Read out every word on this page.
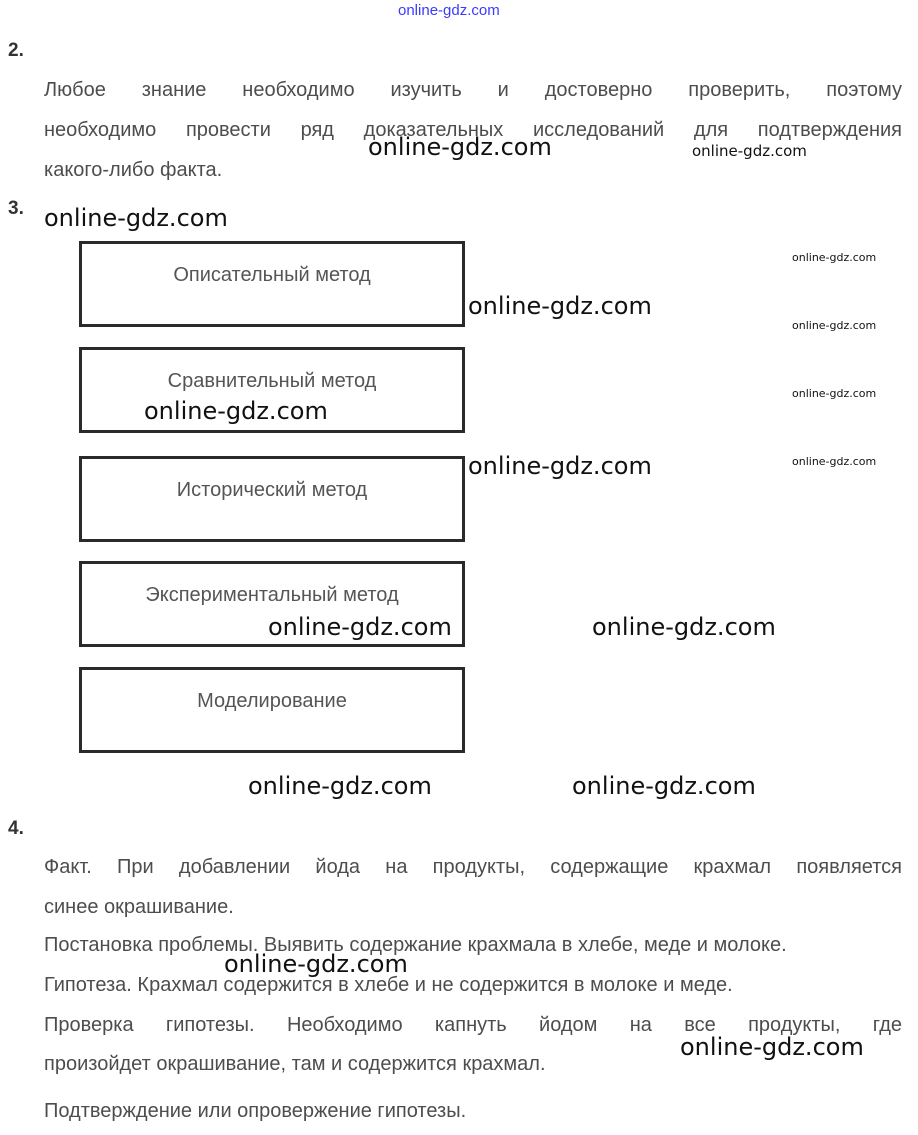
online-gdz.com
2.
Любое знание необходимо изучить и достоверно проверить, поэтому
необходимо провести ряд доказательных исследований для подтверждения
какого-либо факта.
3.
Описательный метод
Сравнительный метод
Исторический метод
Экспериментальный метод
Моделирование
4.
Факт. При добавлении йода на продукты, содержащие крахмал появляется
синее окрашивание.
Постановка проблемы. Выявить содержание крахмала в хлебе, меде и молоке.
Гипотеза. Крахмал содержится в хлебе и не содержится в молоке и меде.
Проверка гипотезы. Необходимо капнуть йодом на все продукты, где
произойдет окрашивание, там и содержится крахмал.
Подтверждение или опровержение гипотезы.
online-gdz.com	online-gdz.com
online-gdz.com
online-gdz.com
online-gdz.com
online-gdz.com
online-gdz.com
online-gdz.com
online-gdz.com
online-gdz.com
online-gdz.com	online-gdz.com
online-gdz.com	online-gdz.com
online-gdz.com
online-gdz.com
